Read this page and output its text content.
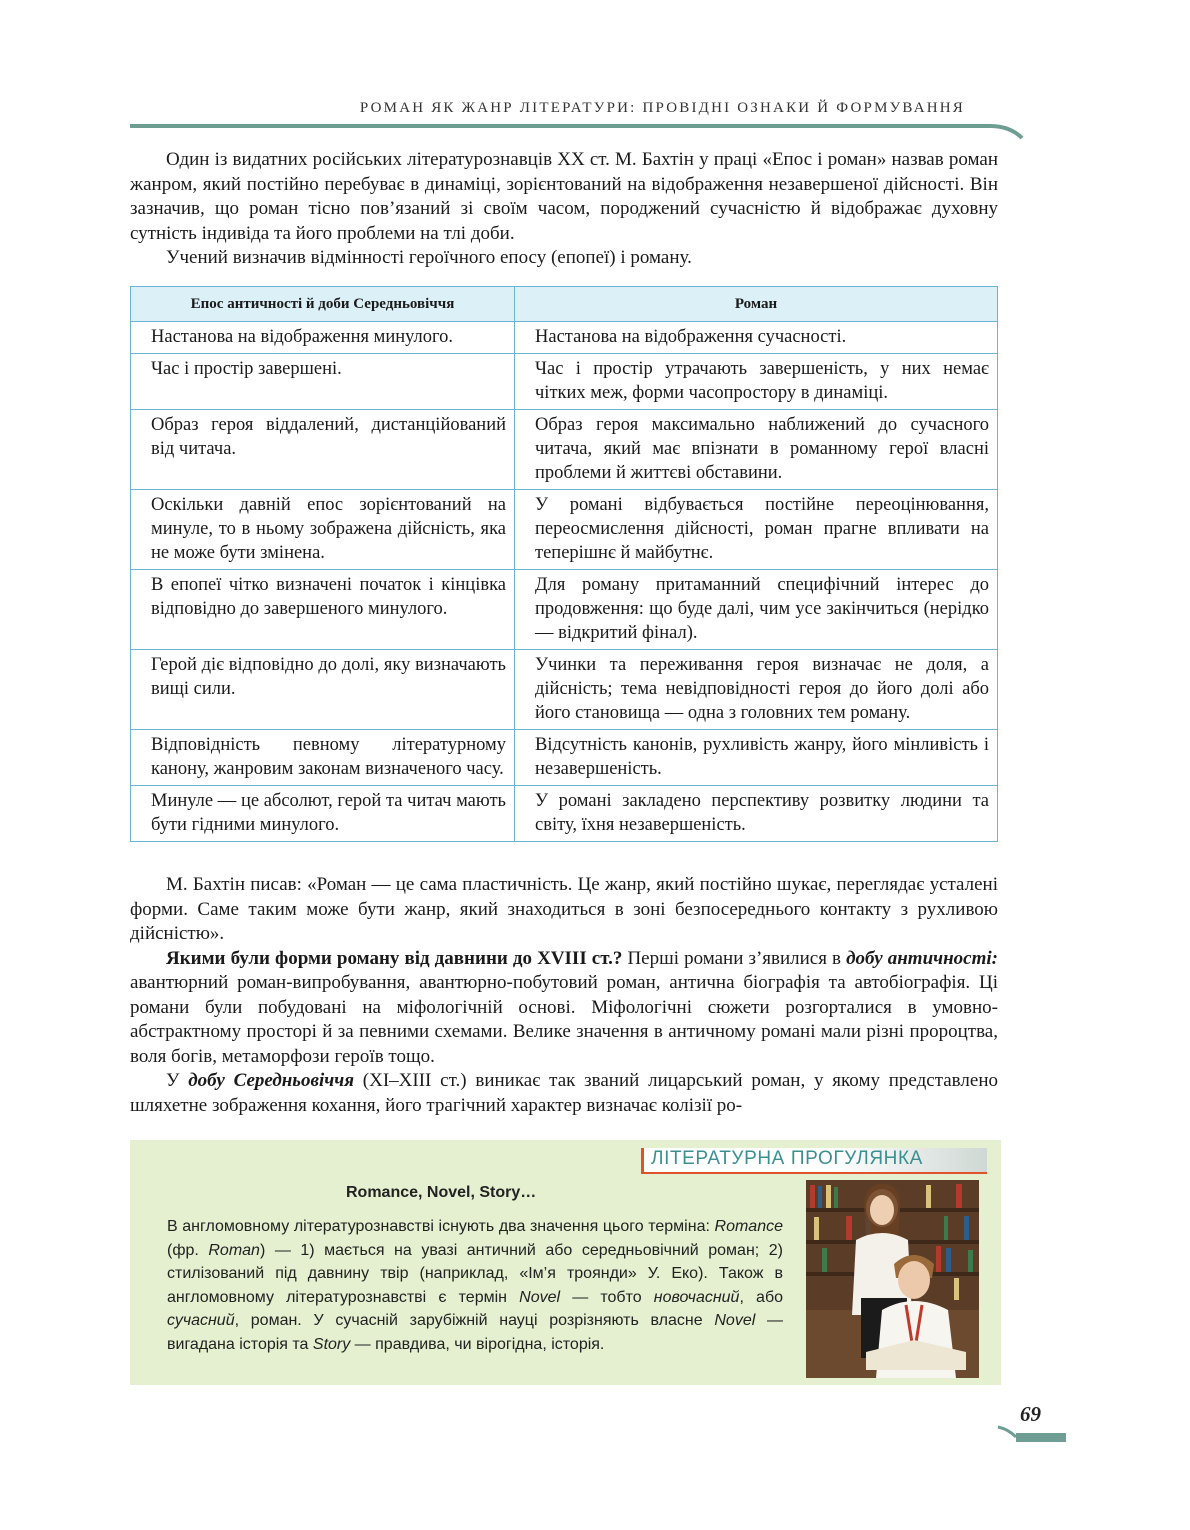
РОМАН ЯК ЖАНР ЛІТЕРАТУРИ: ПРОВІДНІ ОЗНАКИ Й ФОРМУВАННЯ

Один із видатних російських літературознавців ХХ ст. М. Бахтін у праці «Епос і роман» назвав роман жанром, який постійно перебуває в динаміці, зорієнтований на відображення незавершеної дійсності. Він зазначив, що роман тісно пов’язаний зі своїм часом, породжений сучасністю й відображає духовну сутність індивіда та його проблеми на тлі доби.

Учений визначив відмінності героїчного епосу (епопеї) і роману.

Епос античності й доби Середньовіччя	Роман
Настанова на відображення минулого.	Настанова на відображення сучасності.
Час і простір завершені.	Час і простір утрачають завершеність, у них немає чітких меж, форми часопростору в динаміці.
Образ героя віддалений, дистанційований від читача.	Образ героя максимально наближений до сучасного читача, який має впізнати в романному герої власні проблеми й життєві обставини.
Оскільки давній епос зорієнтований на минуле, то в ньому зображена дійсність, яка не може бути змінена.	У романі відбувається постійне переоцінювання, переосмислення дійсності, роман прагне впливати на теперішнє й майбутнє.
В епопеї чітко визначені початок і кінцівка відповідно до завершеного минулого.	Для роману притаманний специфічний інтерес до продовження: що буде далі, чим усе закінчиться (нерідко — відкритий фінал).
Герой діє відповідно до долі, яку визначають вищі сили.	Учинки та переживання героя визначає не доля, а дійсність; тема невідповідності героя до його долі або його становища — одна з головних тем роману.
Відповідність певному літературному канону, жанровим законам визначеного часу.	Відсутність канонів, рухливість жанру, його мінливість і незавершеність.
Минуле — це абсолют, герой та читач мають бути гідними минулого.	У романі закладено перспективу розвитку людини та світу, їхня незавершеність.

М. Бахтін писав: «Роман — це сама пластичність. Це жанр, який постійно шукає, переглядає усталені форми. Саме таким може бути жанр, який знаходиться в зоні безпосереднього контакту з рухливою дійсністю».

Якими були форми роману від давнини до XVIII ст.? Перші романи з’явилися в добу античності: авантюрний роман-випробування, авантюрно-побутовий роман, антична біографія та автобіографія. Ці романи були побудовані на міфологічній основі. Міфологічні сюжети розгорталися в умовно-абстрактному просторі й за певними схемами. Велике значення в античному романі мали різні пророцтва, воля богів, метаморфози героїв тощо.

У добу Середньовіччя (XI–XIII ст.) виникає так званий лицарський роман, у якому представлено шляхетне зображення кохання, його трагічний характер визначає колізії ро-

ЛІТЕРАТУРНА ПРОГУЛЯНКА
Romance, Novel, Story…
В англомовному літературознавстві існують два значення цього терміна: Romance (фр. Roman) — 1) мається на увазі античний або середньовічний роман; 2) стилізований під давнину твір (наприклад, «Ім’я троянди» У. Еко). Також в англомовному літературознавстві є термін Novel — тобто новочасний, або сучасний, роман. У сучасній зарубіжній науці розрізняють власне Novel — вигадана історія та Story — правдива, чи вірогідна, історія.
69
